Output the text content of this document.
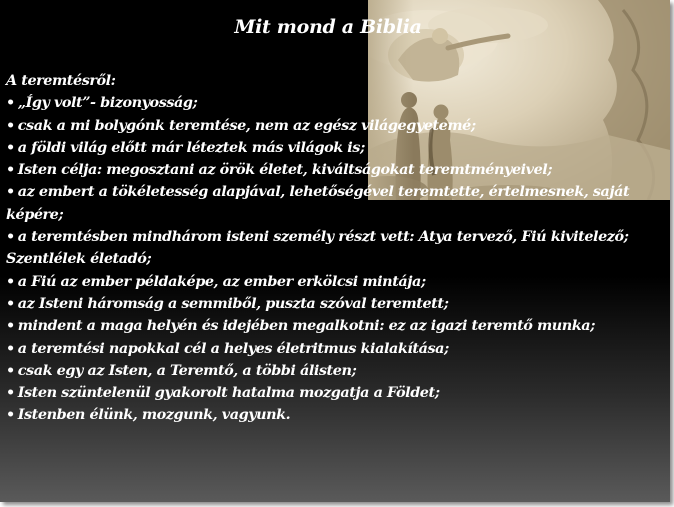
Mit mond a Biblia
A teremtésről:
• „Így volt”- bizonyosság;
• csak a mi bolygónk teremtése, nem az egész világegyetemé;
• a földi világ előtt már léteztek más világok is;
• Isten célja: megosztani az örök életet, kiváltságokat teremtményeivel;
• az embert a tökéletesség alapjával, lehetőségével teremtette, értelmesnek, saját képére;
• a teremtésben mindhárom isteni személy részt vett: Atya tervező, Fiú kivitelező; Szentlélek életadó;
• a Fiú az ember példaképe, az ember erkölcsi mintája;
• az Isteni háromság a semmiből, puszta szóval teremtett;
• mindent a maga helyén és idejében megalkotni: ez az igazi teremtő munka;
• a teremtési napokkal cél a helyes életritmus kialakítása;
• csak egy az Isten, a Teremtő, a többi álisten;
• Isten szüntelenül gyakorolt hatalma mozgatja a Földet;
• Istenben élünk, mozgunk, vagyunk.
